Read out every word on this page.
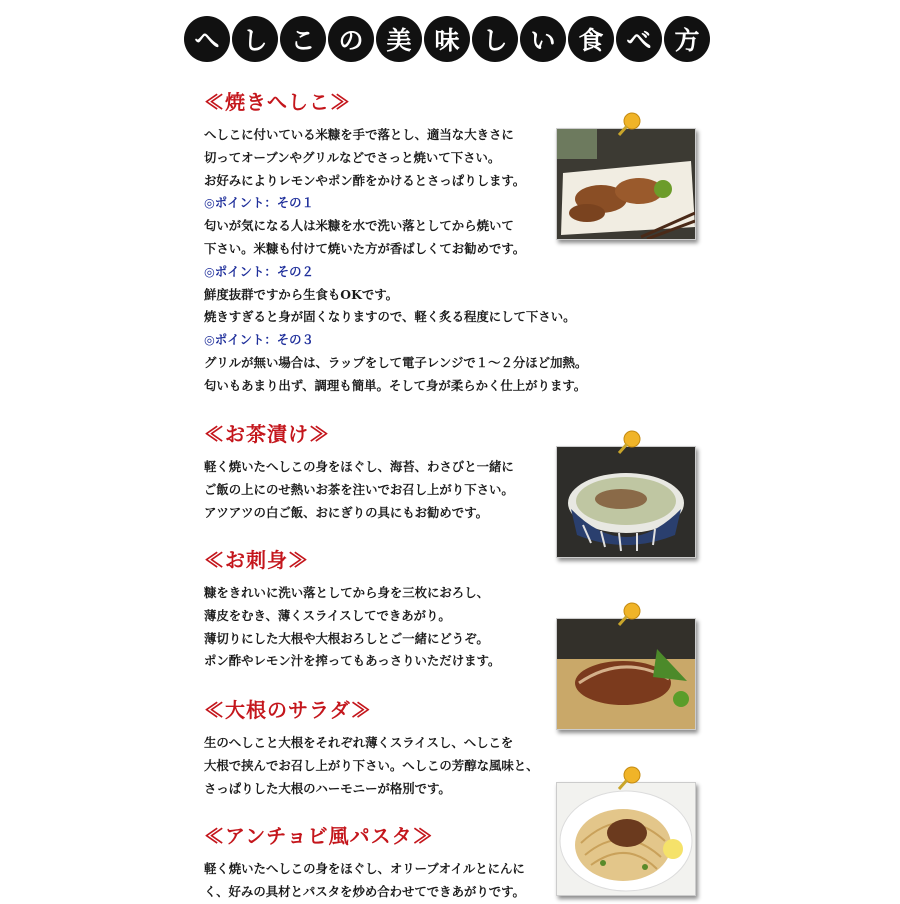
へ し こ の 美 味 し い 食 べ 方
≪焼きへしこ≫
へしこに付いている米糠を手で落とし、適当な大きさに
切ってオーブンやグリルなどでさっと焼いて下さい。
お好みによりレモンやポン酢をかけるとさっぱりします。
◎ポイント：その１
匂いが気になる人は米糠を水で洗い落としてから焼いて
下さい。米糠も付けて焼いた方が香ばしくてお勧めです。
◎ポイント：その２
鮮度抜群ですから生食もOKです。
焼きすぎると身が固くなりますので、軽く炙る程度にして下さい。
◎ポイント：その３
グリルが無い場合は、ラップをして電子レンジで１～２分ほど加熱。
匂いもあまり出ず、調理も簡単。そして身が柔らかく仕上がります。
≪お茶漬け≫
軽く焼いたへしこの身をほぐし、海苔、わさびと一緒に
ご飯の上にのせ熱いお茶を注いでお召し上がり下さい。
アツアツの白ご飯、おにぎりの具にもお勧めです。
≪お刺身≫
糠をきれいに洗い落としてから身を三枚におろし、
薄皮をむき、薄くスライスしてできあがり。
薄切りにした大根や大根おろしとご一緒にどうぞ。
ポン酢やレモン汁を搾ってもあっさりいただけます。
≪大根のサラダ≫
生のへしこと大根をそれぞれ薄くスライスし、へしこを
大根で挟んでお召し上がり下さい。へしこの芳醇な風味と、
さっぱりした大根のハーモニーが格別です。
≪アンチョビ風パスタ≫
軽く焼いたへしこの身をほぐし、オリーブオイルとにんに
く、好みの具材とパスタを炒め合わせてできあがりです。
